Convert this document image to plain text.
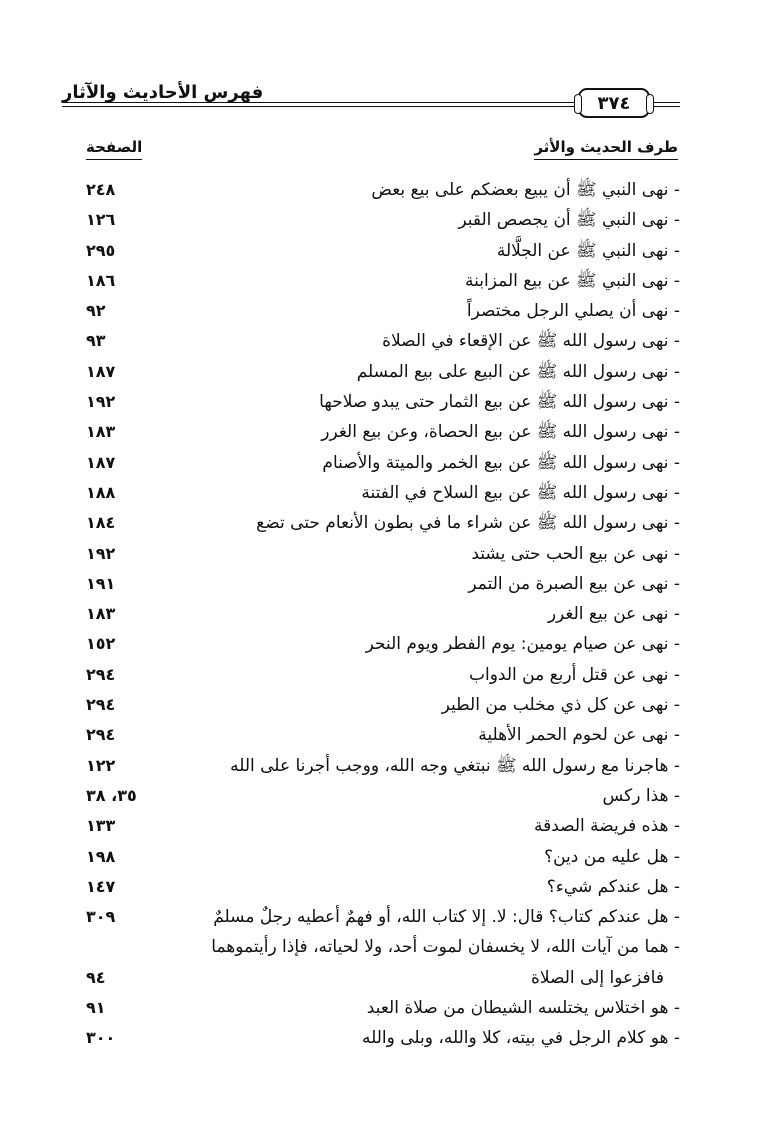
فهرس الأحاديث والآثار	٣٧٤
طرف الحديث والأثر
الصفحة
- نهى النبي ﷺ أن يبيع بعضكم على بيع بعض
٢٤٨
- نهى النبي ﷺ أن يجصص القبر
١٢٦
- نهى النبي ﷺ عن الجلَّالة
٢٩٥
- نهى النبي ﷺ عن بيع المزابنة
١٨٦
- نهى أن يصلي الرجل مختصراً
٩٢
- نهى رسول الله ﷺ عن الإقعاء في الصلاة
٩٣
- نهى رسول الله ﷺ عن البيع على بيع المسلم
١٨٧
- نهى رسول الله ﷺ عن بيع الثمار حتى يبدو صلاحها
١٩٢
- نهى رسول الله ﷺ عن بيع الحصاة، وعن بيع الغرر
١٨٣
- نهى رسول الله ﷺ عن بيع الخمر والميتة والأصنام
١٨٧
- نهى رسول الله ﷺ عن بيع السلاح في الفتنة
١٨٨
- نهى رسول الله ﷺ عن شراء ما في بطون الأنعام حتى تضع
١٨٤
- نهى عن بيع الحب حتى يشتد
١٩٢
- نهى عن بيع الصبرة من التمر
١٩١
- نهى عن بيع الغرر
١٨٣
- نهى عن صيام يومين: يوم الفطر ويوم النحر
١٥٢
- نهى عن قتل أربع من الدواب
٢٩٤
- نهى عن كل ذي مخلب من الطير
٢٩٤
- نهى عن لحوم الحمر الأهلية
٢٩٤
- هاجرنا مع رسول الله ﷺ نبتغي وجه الله، ووجب أجرنا على الله
١٢٢
- هذا ركس
٣٥، ٣٨
- هذه فريضة الصدقة
١٣٣
- هل عليه من دين؟
١٩٨
- هل عندكم شيء؟
١٤٧
- هل عندكم كتاب؟ قال: لا. إلا كتاب الله، أو فهمٌ أعطيه رجلٌ مسلمٌ
٣٠٩
- هما من آيات الله، لا يخسفان لموت أحد، ولا لحياته، فإذا رأيتموهما
فافزعوا إلى الصلاة
٩٤
- هو اختلاس يختلسه الشيطان من صلاة العبد
٩١
- هو كلام الرجل في بيته، كلا والله، وبلى والله
٣٠٠
